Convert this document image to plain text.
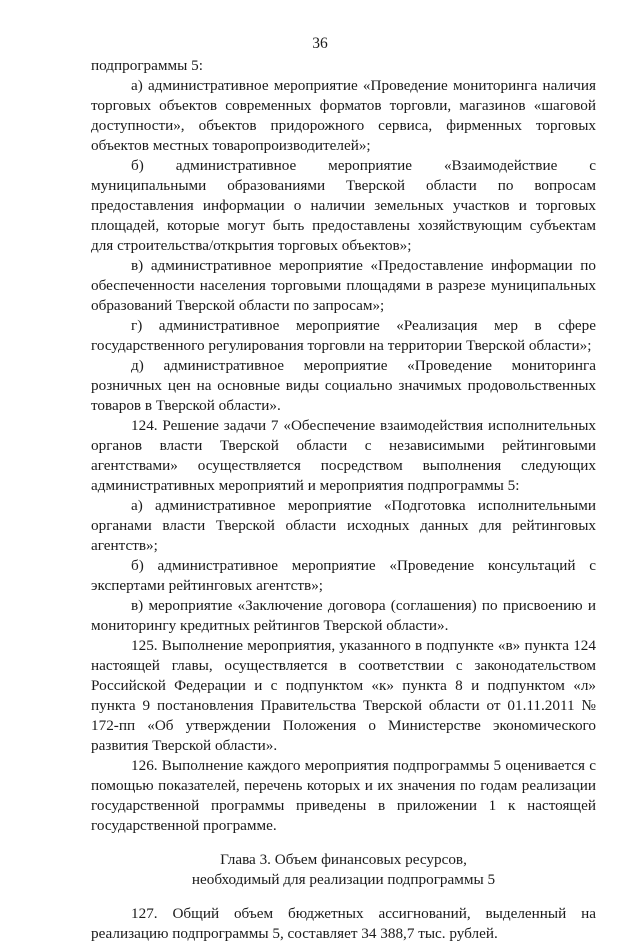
36

подпрограммы 5:

а) административное мероприятие «Проведение мониторинга наличия торговых объектов современных форматов торговли, магазинов «шаговой доступности», объектов придорожного сервиса, фирменных торговых объектов местных товаропроизводителей»;

б) административное мероприятие «Взаимодействие с муниципальными образованиями Тверской области по вопросам предоставления информации о наличии земельных участков и торговых площадей, которые могут быть предоставлены хозяйствующим субъектам для строительства/открытия торговых объектов»;

в) административное мероприятие «Предоставление информации по обеспеченности населения торговыми площадями в разрезе муниципальных образований Тверской области по запросам»;

г) административное мероприятие «Реализация мер в сфере государственного регулирования торговли на территории Тверской области»;

д) административное мероприятие «Проведение мониторинга розничных цен на основные виды социально значимых продовольственных товаров в Тверской области».

124. Решение задачи 7 «Обеспечение взаимодействия исполнительных органов власти Тверской области с независимыми рейтинговыми агентствами» осуществляется посредством выполнения следующих административных мероприятий и мероприятия подпрограммы 5:

а) административное мероприятие «Подготовка исполнительными органами власти Тверской области исходных данных для рейтинговых агентств»;

б) административное мероприятие «Проведение консультаций с экспертами рейтинговых агентств»;

в) мероприятие «Заключение договора (соглашения) по присвоению и мониторингу кредитных рейтингов Тверской области».

125. Выполнение мероприятия, указанного в подпункте «в» пункта 124 настоящей главы, осуществляется в соответствии с законодательством Российской Федерации и с подпунктом «к» пункта 8 и подпунктом «л» пункта 9 постановления Правительства Тверской области от 01.11.2011 № 172-пп «Об утверждении Положения о Министерстве экономического развития Тверской области».

126. Выполнение каждого мероприятия подпрограммы 5 оценивается с помощью показателей, перечень которых и их значения по годам реализации государственной программы приведены в приложении 1 к настоящей государственной программе.

Глава 3. Объем финансовых ресурсов,
необходимый для реализации подпрограммы 5

127. Общий объем бюджетных ассигнований, выделенный на реализацию подпрограммы 5, составляет 34 388,7 тыс. рублей.
